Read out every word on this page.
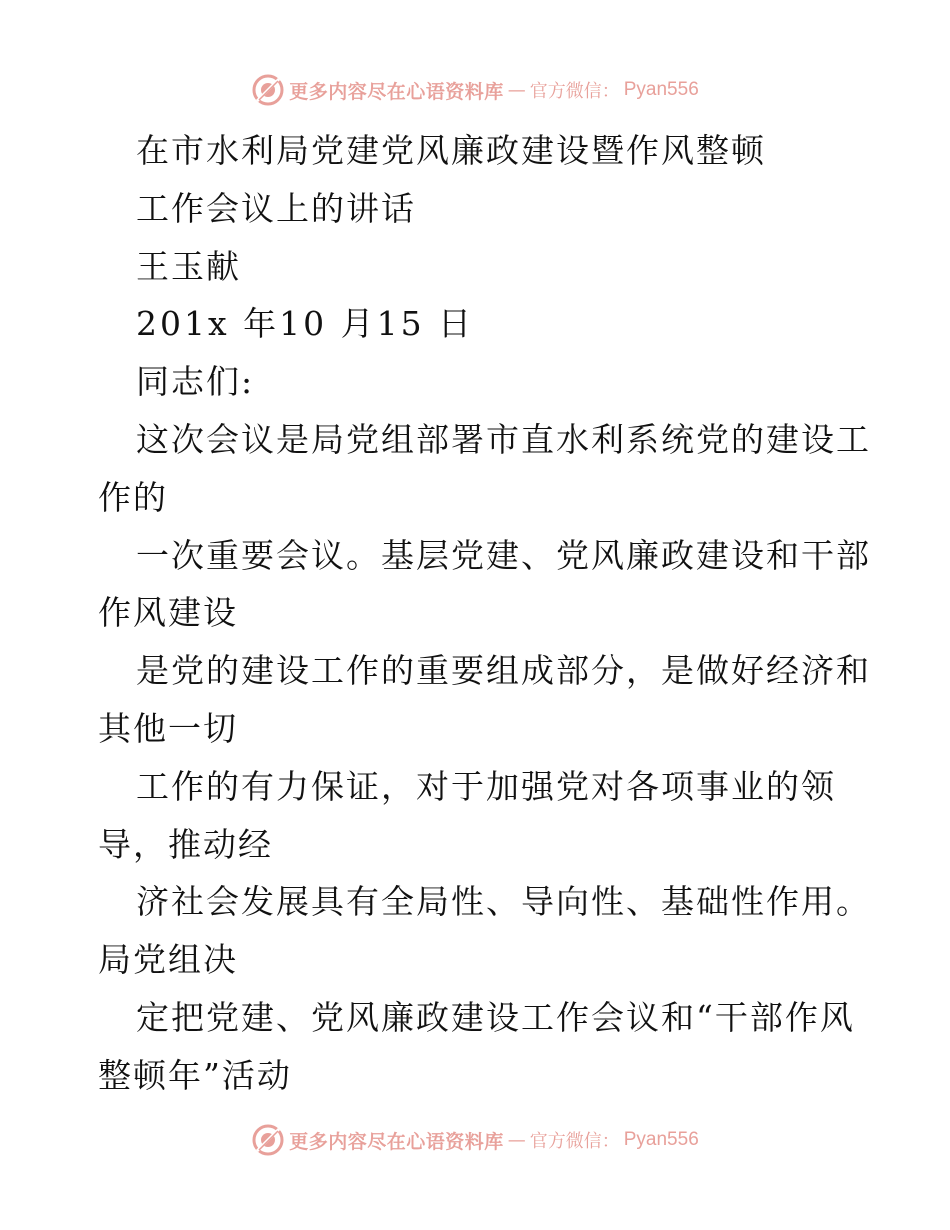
更多内容尽在心语资料库 — 官方微信： Pyan556
在市水利局党建党风廉政建设暨作风整顿
工作会议上的讲话
王玉献
201x 年10 月15 日
同志们:
这次会议是局党组部署市直水利系统党的建设工
作的
一次重要会议。基层党建、党风廉政建设和干部
作风建设
是党的建设工作的重要组成部分，是做好经济和
其他一切
工作的有力保证，对于加强党对各项事业的领
导，推动经
济社会发展具有全局性、导向性、基础性作用。
局党组决
定把党建、党风廉政建设工作会议和“干部作风
整顿年”活动
更多内容尽在心语资料库 — 官方微信： Pyan556
